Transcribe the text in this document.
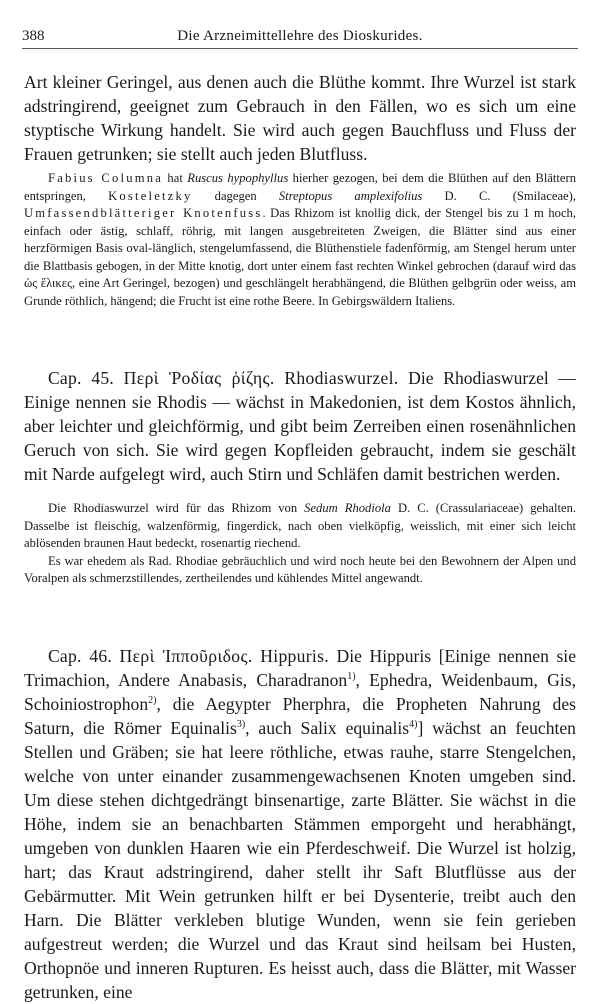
388	Die Arzneimittellehre des Dioskurides.

Art kleiner Geringel, aus denen auch die Blüthe kommt. Ihre Wurzel ist stark adstringirend, geeignet zum Gebrauch in den Fällen, wo es sich um eine styptische Wirkung handelt. Sie wird auch gegen Bauchfluss und Fluss der Frauen getrunken; sie stellt auch jeden Blutfluss.

Fabius Columna hat Ruscus hypophyllus hierher gezogen, bei dem die Blüthen auf den Blättern entspringen, Kosteletzky dagegen Streptopus amplexifolius D. C. (Smilaceae), Umfassendblätteriger Knotenfuss. Das Rhizom ist knollig dick, der Stengel bis zu 1 m hoch, einfach oder ästig, schlaff, röhrig, mit langen ausgebreiteten Zweigen, die Blätter sind aus einer herzförmigen Basis oval-länglich, stengelumfassend, die Blüthenstiele fadenförmig, am Stengel herum unter die Blattbasis gebogen, in der Mitte knotig, dort unter einem fast rechten Winkel gebrochen (darauf wird das ὡς ἕλικες, eine Art Geringel, bezogen) und geschlängelt herabhängend, die Blüthen gelbgrün oder weiss, am Grunde röthlich, hängend; die Frucht ist eine rothe Beere. In Gebirgswäldern Italiens.

Cap. 45. Περὶ Ῥοδίας ῥίζης. Rhodiaswurzel. Die Rhodiaswurzel — Einige nennen sie Rhodis — wächst in Makedonien, ist dem Kostos ähnlich, aber leichter und gleichförmig, und gibt beim Zerreiben einen rosenähnlichen Geruch von sich. Sie wird gegen Kopfleiden gebraucht, indem sie geschält mit Narde aufgelegt wird, auch Stirn und Schläfen damit bestrichen werden.

Die Rhodiaswurzel wird für das Rhizom von Sedum Rhodiola D. C. (Crassulariaceae) gehalten. Dasselbe ist fleischig, walzenförmig, fingerdick, nach oben vielköpfig, weisslich, mit einer sich leicht ablösenden braunen Haut bedeckt, rosenartig riechend.

Es war ehedem als Rad. Rhodiae gebräuchlich und wird noch heute bei den Bewohnern der Alpen und Voralpen als schmerzstillendes, zertheilendes und kühlendes Mittel angewandt.

Cap. 46. Περὶ Ἱπποῦριδος. Hippuris. Die Hippuris [Einige nennen sie Trimachion, Andere Anabasis, Charadranon$^{1)}$, Ephedra, Weidenbaum, Gis, Schoiniostrophon$^{2)}$, die Aegypter Pherphra, die Propheten Nahrung des Saturn, die Römer Equinalis$^{3)}$, auch Salix equinalis$^{4)}$] wächst an feuchten Stellen und Gräben; sie hat leere röthliche, etwas rauhe, starre Stengelchen, welche von unter einander zusammengewachsenen Knoten umgeben sind. Um diese stehen dichtgedrängt binsenartige, zarte Blätter. Sie wächst in die Höhe, indem sie an benachbarten Stämmen emporgeht und herabhängt, umgeben von dunklen Haaren wie ein Pferdeschweif. Die Wurzel ist holzig, hart; das Kraut adstringirend, daher stellt ihr Saft Blutflüsse aus der Gebärmutter. Mit Wein getrunken hilft er bei Dysenterie, treibt auch den Harn. Die Blätter verkleben blutige Wunden, wenn sie fein gerieben aufgestreut werden; die Wurzel und das Kraut sind heilsam bei Husten, Orthopnöe und inneren Rupturen. Es heisst auch, dass die Blätter, mit Wasser getrunken, eine
